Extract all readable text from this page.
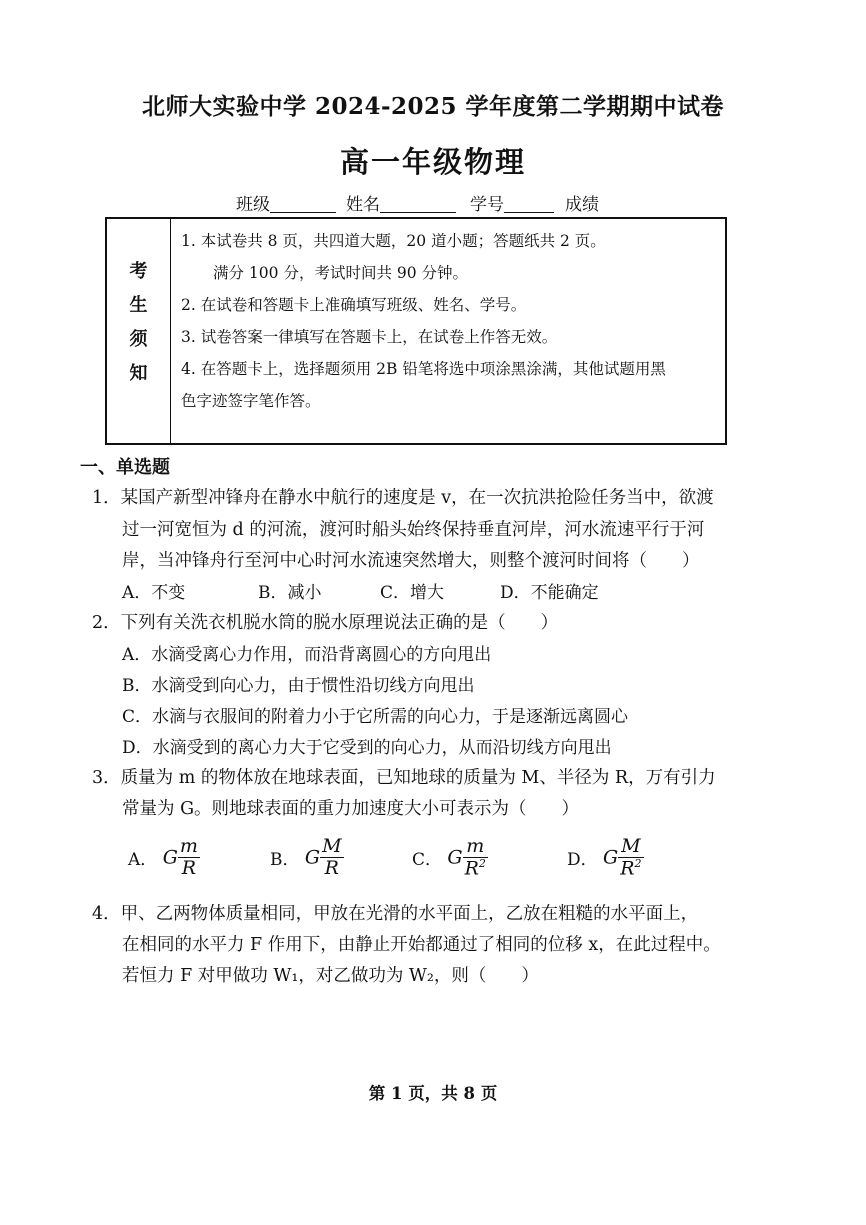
北师大实验中学 2024-2025 学年度第二学期期中试卷
高一年级物理
班级	姓名	学号	成绩
考
生
须
知
1. 本试卷共 8 页，共四道大题，20 道小题；答题纸共 2 页。
满分 100 分，考试时间共 90 分钟。
2. 在试卷和答题卡上准确填写班级、姓名、学号。
3. 试卷答案一律填写在答题卡上，在试卷上作答无效。
4. 在答题卡上，选择题须用 2B 铅笔将选中项涂黑涂满，其他试题用黑
色字迹签字笔作答。
一、单选题
1．某国产新型冲锋舟在静水中航行的速度是 v，在一次抗洪抢险任务当中，欲渡
过一河宽恒为 d 的河流，渡河时船头始终保持垂直河岸，河水流速平行于河
岸，当冲锋舟行至河中心时河水流速突然增大，则整个渡河时间将（　　）
A．不变	B．减小	C．增大	D．不能确定
2．下列有关洗衣机脱水筒的脱水原理说法正确的是（　　）
A．水滴受离心力作用，而沿背离圆心的方向甩出
B．水滴受到向心力，由于惯性沿切线方向甩出
C．水滴与衣服间的附着力小于它所需的向心力，于是逐渐远离圆心
D．水滴受到的离心力大于它受到的向心力，从而沿切线方向甩出
3．质量为 m 的物体放在地球表面，已知地球的质量为 M、半径为 R，万有引力
常量为 G。则地球表面的重力加速度大小可表示为（　　）
A． G $\frac{m}{R}$	B． G $\frac{M}{R}$	C． G $\frac{m}{R^2}$	D． G $\frac{M}{R^2}$
4．甲、乙两物体质量相同，甲放在光滑的水平面上，乙放在粗糙的水平面上，
在相同的水平力 F 作用下，由静止开始都通过了相同的位移 x，在此过程中。
若恒力 F 对甲做功 W₁，对乙做功为 W₂，则（　　）
第 1 页，共 8 页
